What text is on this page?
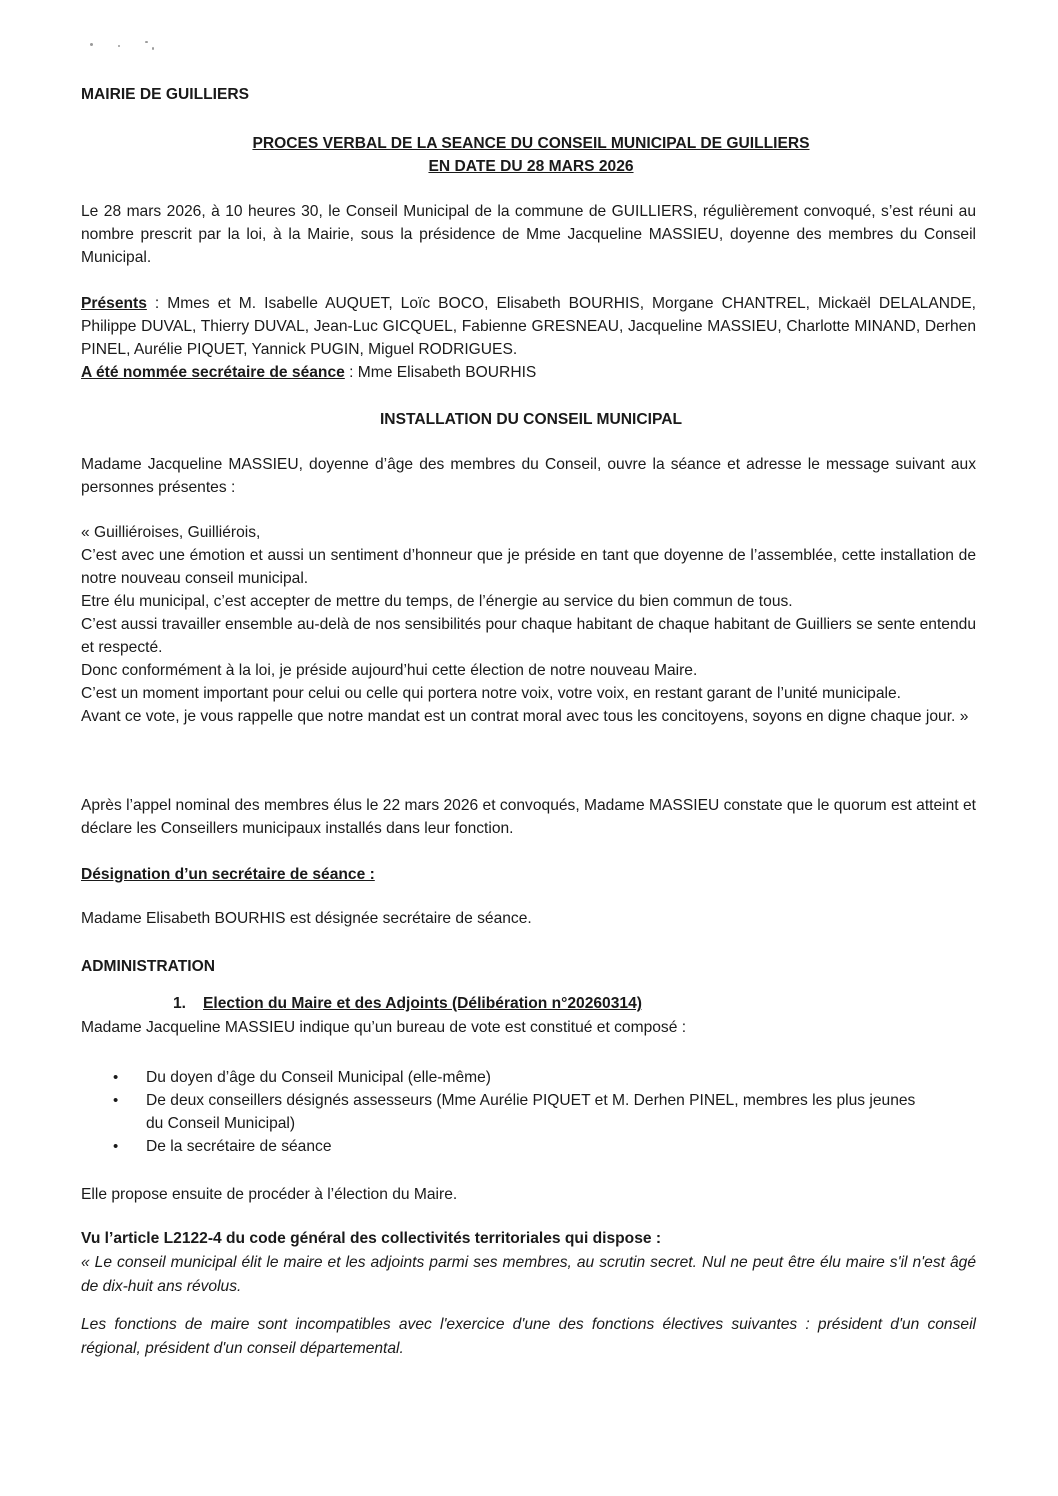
MAIRIE DE GUILLIERS
PROCES VERBAL DE LA SEANCE DU CONSEIL MUNICIPAL DE GUILLIERS
EN DATE DU 28 MARS 2026
Le 28 mars 2026, à 10 heures 30, le Conseil Municipal de la commune de GUILLIERS, régulièrement convoqué, s’est réuni au nombre prescrit par la loi, à la Mairie, sous la présidence de Mme Jacqueline MASSIEU, doyenne des membres du Conseil Municipal.
Présents : Mmes et M. Isabelle AUQUET, Loïc BOCO, Elisabeth BOURHIS, Morgane CHANTREL, Mickaël DELALANDE, Philippe DUVAL, Thierry DUVAL, Jean-Luc GICQUEL, Fabienne GRESNEAU, Jacqueline MASSIEU, Charlotte MINAND, Derhen PINEL, Aurélie PIQUET, Yannick PUGIN, Miguel RODRIGUES.
A été nommée secrétaire de séance : Mme Elisabeth BOURHIS
INSTALLATION DU CONSEIL MUNICIPAL
Madame Jacqueline MASSIEU, doyenne d’âge des membres du Conseil, ouvre la séance et adresse le message suivant aux personnes présentes :
« Guilliéroises, Guilliérois,
C’est avec une émotion et aussi un sentiment d’honneur que je préside en tant que doyenne de l’assemblée, cette installation de notre nouveau conseil municipal.
Etre élu municipal, c’est accepter de mettre du temps, de l’énergie au service du bien commun de tous.
C’est aussi travailler ensemble au-delà de nos sensibilités pour chaque habitant de chaque habitant de Guilliers se sente entendu et respecté.
Donc conformément à la loi, je préside aujourd’hui cette élection de notre nouveau Maire.
C’est un moment important pour celui ou celle qui portera notre voix, votre voix, en restant garant de l’unité municipale.
Avant ce vote, je vous rappelle que notre mandat est un contrat moral avec tous les concitoyens, soyons en digne chaque jour. »
Après l’appel nominal des membres élus le 22 mars 2026 et convoqués, Madame MASSIEU constate que le quorum est atteint et déclare les Conseillers municipaux installés dans leur fonction.
Désignation d’un secrétaire de séance :
Madame Elisabeth BOURHIS est désignée secrétaire de séance.
ADMINISTRATION
1. Election du Maire et des Adjoints (Délibération n°20260314)
Madame Jacqueline MASSIEU indique qu’un bureau de vote est constitué et composé :
• Du doyen d’âge du Conseil Municipal (elle-même)
• De deux conseillers désignés assesseurs (Mme Aurélie PIQUET et M. Derhen PINEL, membres les plus jeunes du Conseil Municipal)
• De la secrétaire de séance
Elle propose ensuite de procéder à l’élection du Maire.
Vu l’article L2122-4 du code général des collectivités territoriales qui dispose :
« Le conseil municipal élit le maire et les adjoints parmi ses membres, au scrutin secret. Nul ne peut être élu maire s'il n'est âgé de dix-huit ans révolus.
Les fonctions de maire sont incompatibles avec l'exercice d'une des fonctions électives suivantes : président d'un conseil régional, président d'un conseil départemental.
